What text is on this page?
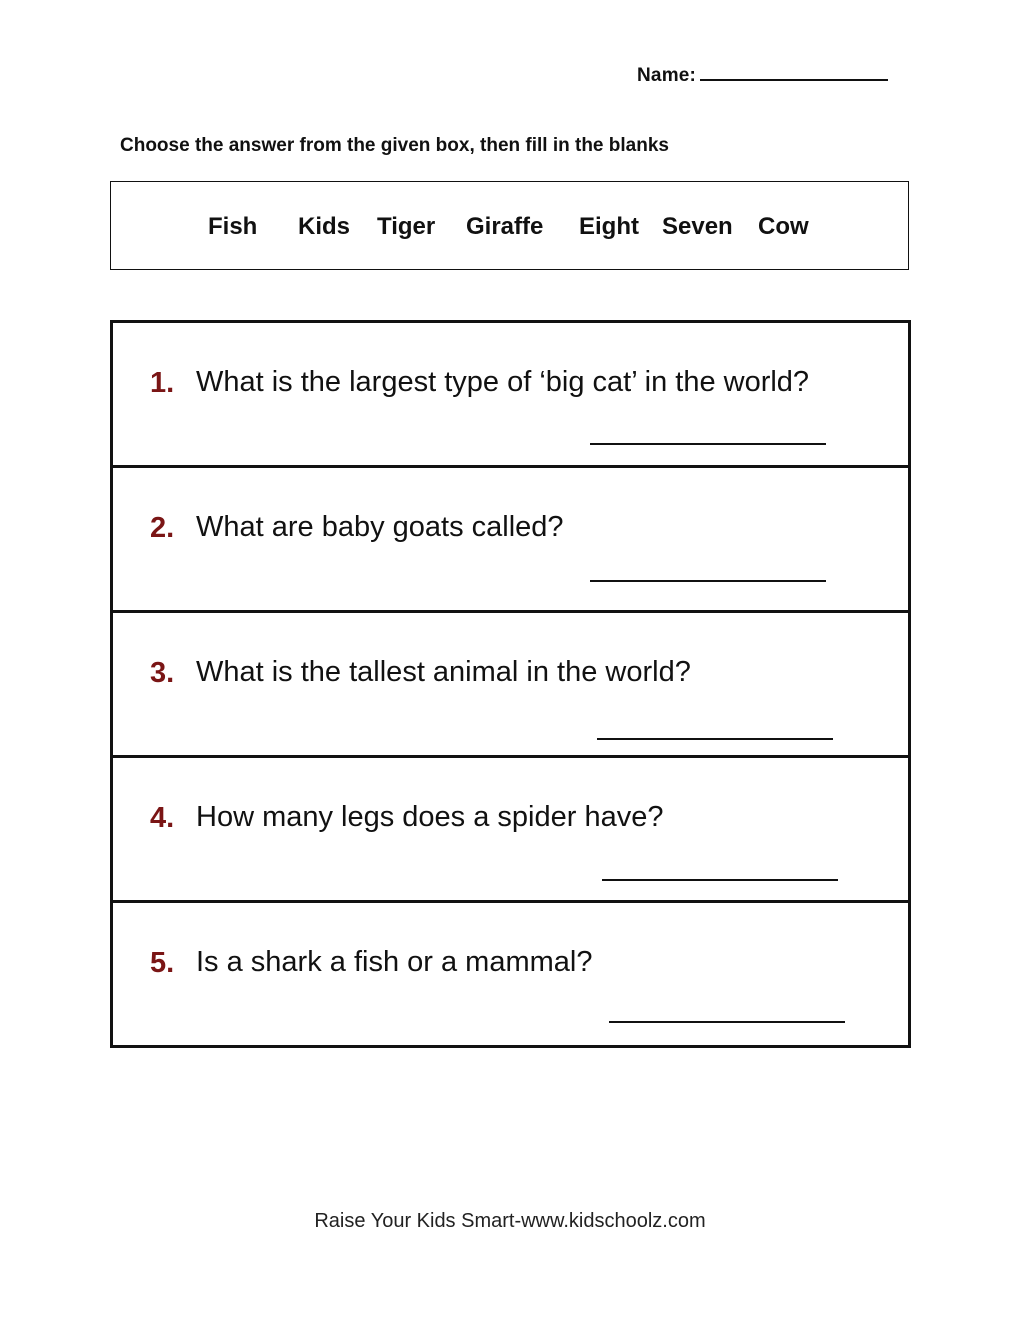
Name:
Choose the answer from the given box, then fill in the blanks
Fish Kids Tiger Giraffe Eight Seven Cow
1. What is the largest type of ‘big cat’ in the world?
2. What are baby goats called?
3. What is the tallest animal in the world?
4. How many legs does a spider have?
5. Is a shark a fish or a mammal?
Raise Your Kids Smart-www.kidschoolz.com
